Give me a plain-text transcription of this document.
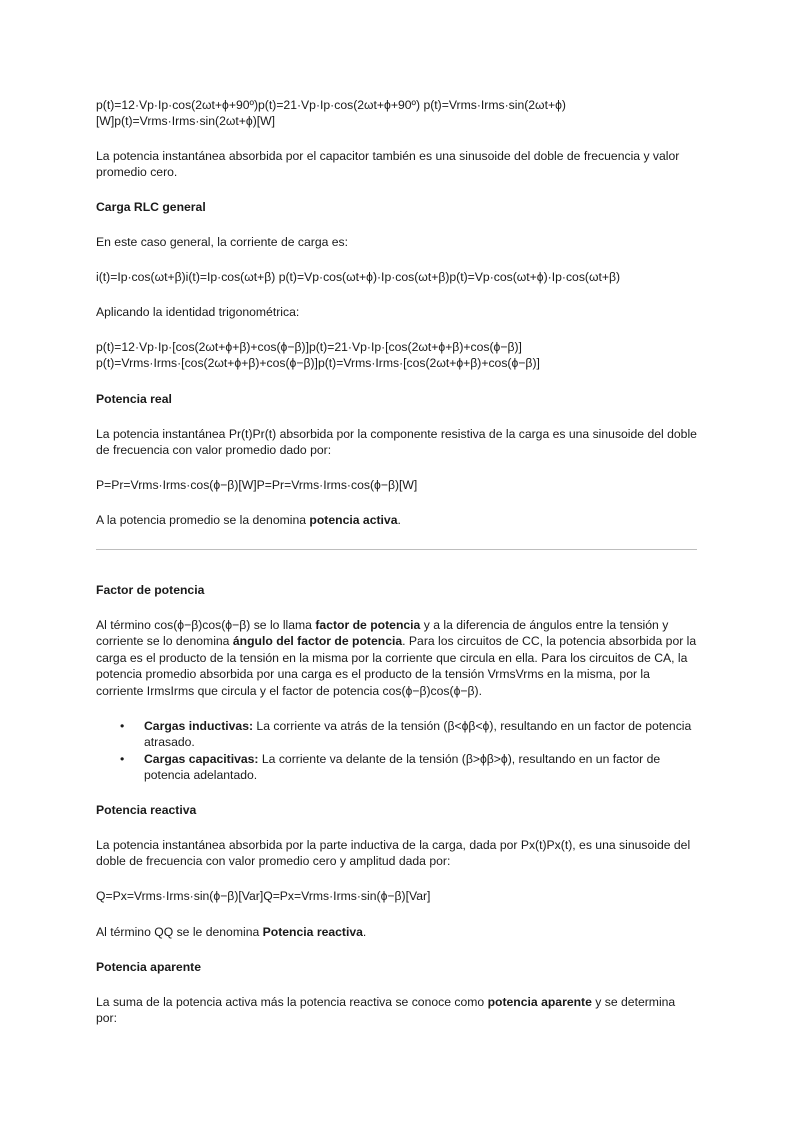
p(t)=12·Vp·Ip·cos(2ωt+ϕ+90º)p(t)=21·Vp·Ip·cos(2ωt+ϕ+90º) p(t)=Vrms·Irms·sin(2ωt+ϕ)[W]p(t)=Vrms·Irms·sin(2ωt+ϕ)[W]

La potencia instantánea absorbida por el capacitor también es una sinusoide del doble de frecuencia y valor promedio cero.

Carga RLC general

En este caso general, la corriente de carga es:

i(t)=Ip·cos(ωt+β)i(t)=Ip·cos(ωt+β) p(t)=Vp·cos(ωt+ϕ)·Ip·cos(ωt+β)p(t)=Vp·cos(ωt+ϕ)·Ip·cos(ωt+β)

Aplicando la identidad trigonométrica:

p(t)=12·Vp·Ip·[cos(2ωt+ϕ+β)+cos(ϕ−β)]p(t)=21·Vp·Ip·[cos(2ωt+ϕ+β)+cos(ϕ−β)]

p(t)=Vrms·Irms·[cos(2ωt+ϕ+β)+cos(ϕ−β)]p(t)=Vrms·Irms·[cos(2ωt+ϕ+β)+cos(ϕ−β)]

Potencia real

La potencia instantánea Pr(t)Pr(t) absorbida por la componente resistiva de la carga es una sinusoide del doble de frecuencia con valor promedio dado por:

P=Pr=Vrms·Irms·cos(ϕ−β)[W]P=Pr=Vrms·Irms·cos(ϕ−β)[W]

A la potencia promedio se la denomina potencia activa.

Factor de potencia

Al término cos(ϕ−β)cos(ϕ−β) se lo llama factor de potencia y a la diferencia de ángulos entre la tensión y corriente se lo denomina ángulo del factor de potencia. Para los circuitos de CC, la potencia absorbida por la carga es el producto de la tensión en la misma por la corriente que circula en ella. Para los circuitos de CA, la potencia promedio absorbida por una carga es el producto de la tensión VrmsVrms en la misma, por la corriente IrmsIrms que circula y el factor de potencia cos(ϕ−β)cos(ϕ−β).

• Cargas inductivas: La corriente va atrás de la tensión (β<ϕβ<ϕ), resultando en un factor de potencia atrasado.
• Cargas capacitivas: La corriente va delante de la tensión (β>ϕβ>ϕ), resultando en un factor de potencia adelantado.

Potencia reactiva

La potencia instantánea absorbida por la parte inductiva de la carga, dada por Px(t)Px(t), es una sinusoide del doble de frecuencia con valor promedio cero y amplitud dada por:

Q=Px=Vrms·Irms·sin(ϕ−β)[Var]Q=Px=Vrms·Irms·sin(ϕ−β)[Var]

Al término QQ se le denomina Potencia reactiva.

Potencia aparente

La suma de la potencia activa más la potencia reactiva se conoce como potencia aparente y se determina por:
